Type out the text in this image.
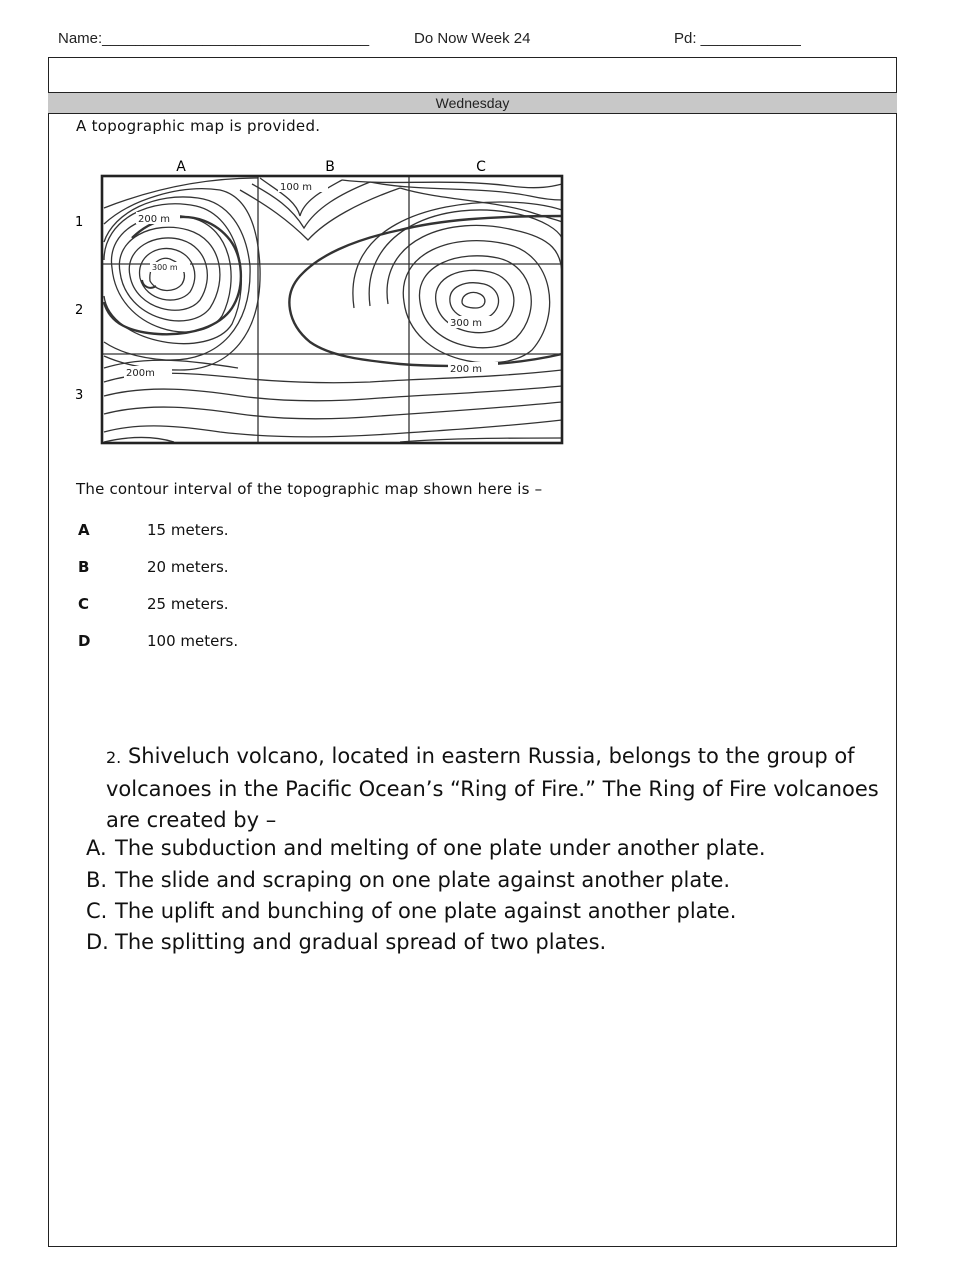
Name:________________________________	Do Now Week 24	Pd: ____________
Wednesday
A topographic map is provided.
A	B	C
1
2
3
100 m
200 m
300 m
300 m
200 m
200m
The contour interval of the topographic map shown here is –
A	15 meters.
B	20 meters.
C	25 meters.
D	100 meters.
2. Shiveluch volcano, located in eastern Russia, belongs to the group of volcanoes in the Pacific Ocean’s “Ring of Fire.” The Ring of Fire volcanoes are created by –
A. The subduction and melting of one plate under another plate.
B. The slide and scraping on one plate against another plate.
C. The uplift and bunching of one plate against another plate.
D. The splitting and gradual spread of two plates.
